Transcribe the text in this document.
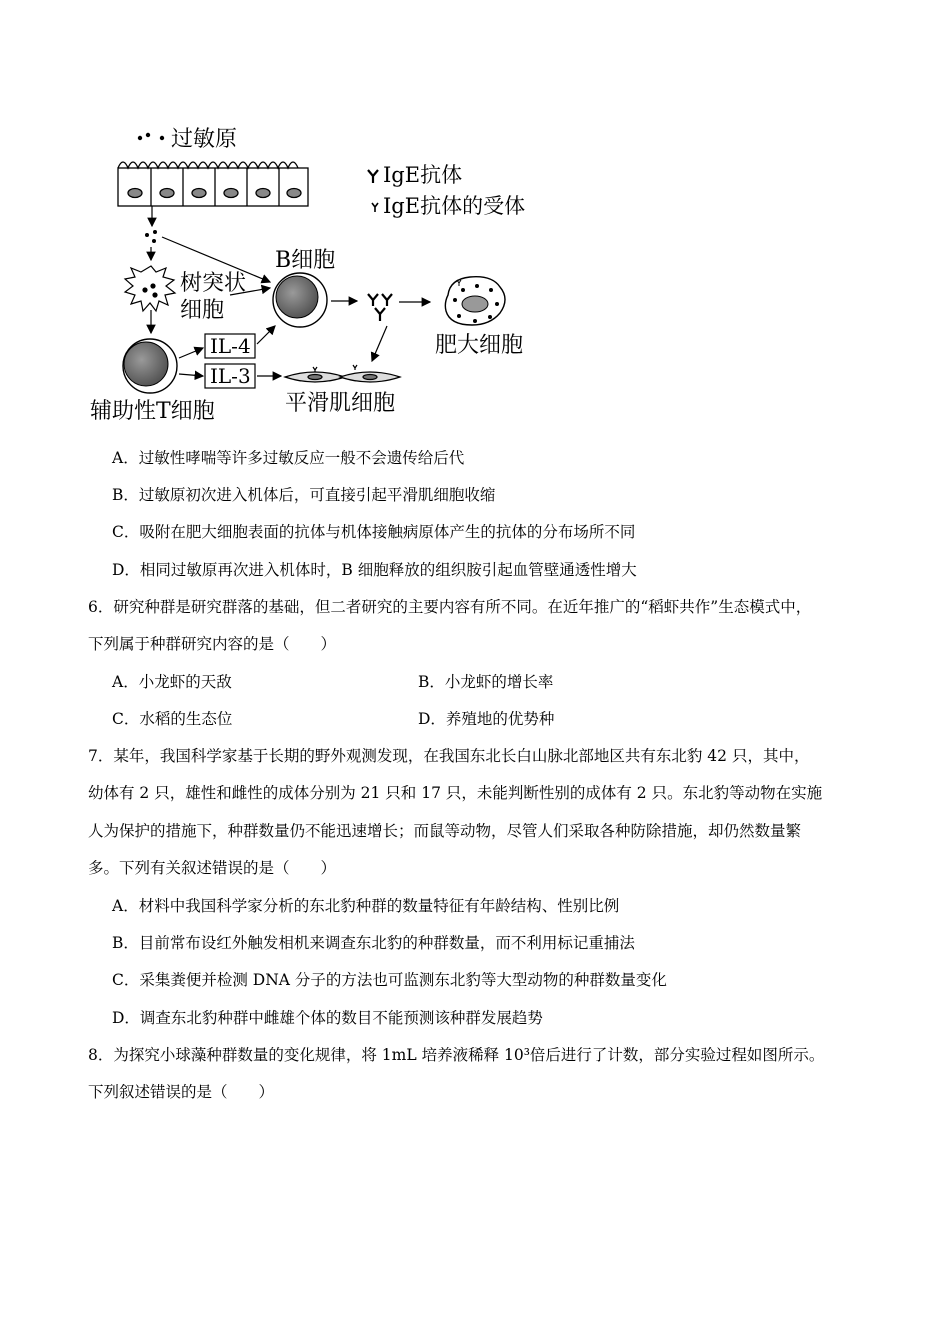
过敏原
IgE抗体
IgE抗体的受体
树突状
细胞
B细胞
辅助性T细胞
IL-4
IL-3
肥大细胞
平滑肌细胞
A．过敏性哮喘等许多过敏反应一般不会遗传给后代
B．过敏原初次进入机体后，可直接引起平滑肌细胞收缩
C．吸附在肥大细胞表面的抗体与机体接触病原体产生的抗体的分布场所不同
D．相同过敏原再次进入机体时，B 细胞释放的组织胺引起血管壁通透性增大
6．研究种群是研究群落的基础，但二者研究的主要内容有所不同。在近年推广的“稻虾共作”生态模式中，
下列属于种群研究内容的是（　　）
A．小龙虾的天敌	B．小龙虾的增长率
C．水稻的生态位	D．养殖地的优势种
7．某年，我国科学家基于长期的野外观测发现，在我国东北长白山脉北部地区共有东北豹 42 只，其中，
幼体有 2 只，雄性和雌性的成体分别为 21 只和 17 只，未能判断性别的成体有 2 只。东北豹等动物在实施
人为保护的措施下，种群数量仍不能迅速增长；而鼠等动物，尽管人们采取各种防除措施，却仍然数量繁
多。下列有关叙述错误的是（　　）
A．材料中我国科学家分析的东北豹种群的数量特征有年龄结构、性别比例
B．目前常布设红外触发相机来调查东北豹的种群数量，而不利用标记重捕法
C．采集粪便并检测 DNA 分子的方法也可监测东北豹等大型动物的种群数量变化
D．调查东北豹种群中雌雄个体的数目不能预测该种群发展趋势
8．为探究小球藻种群数量的变化规律，将 1mL 培养液稀释 10³倍后进行了计数，部分实验过程如图所示。
下列叙述错误的是（　　）
